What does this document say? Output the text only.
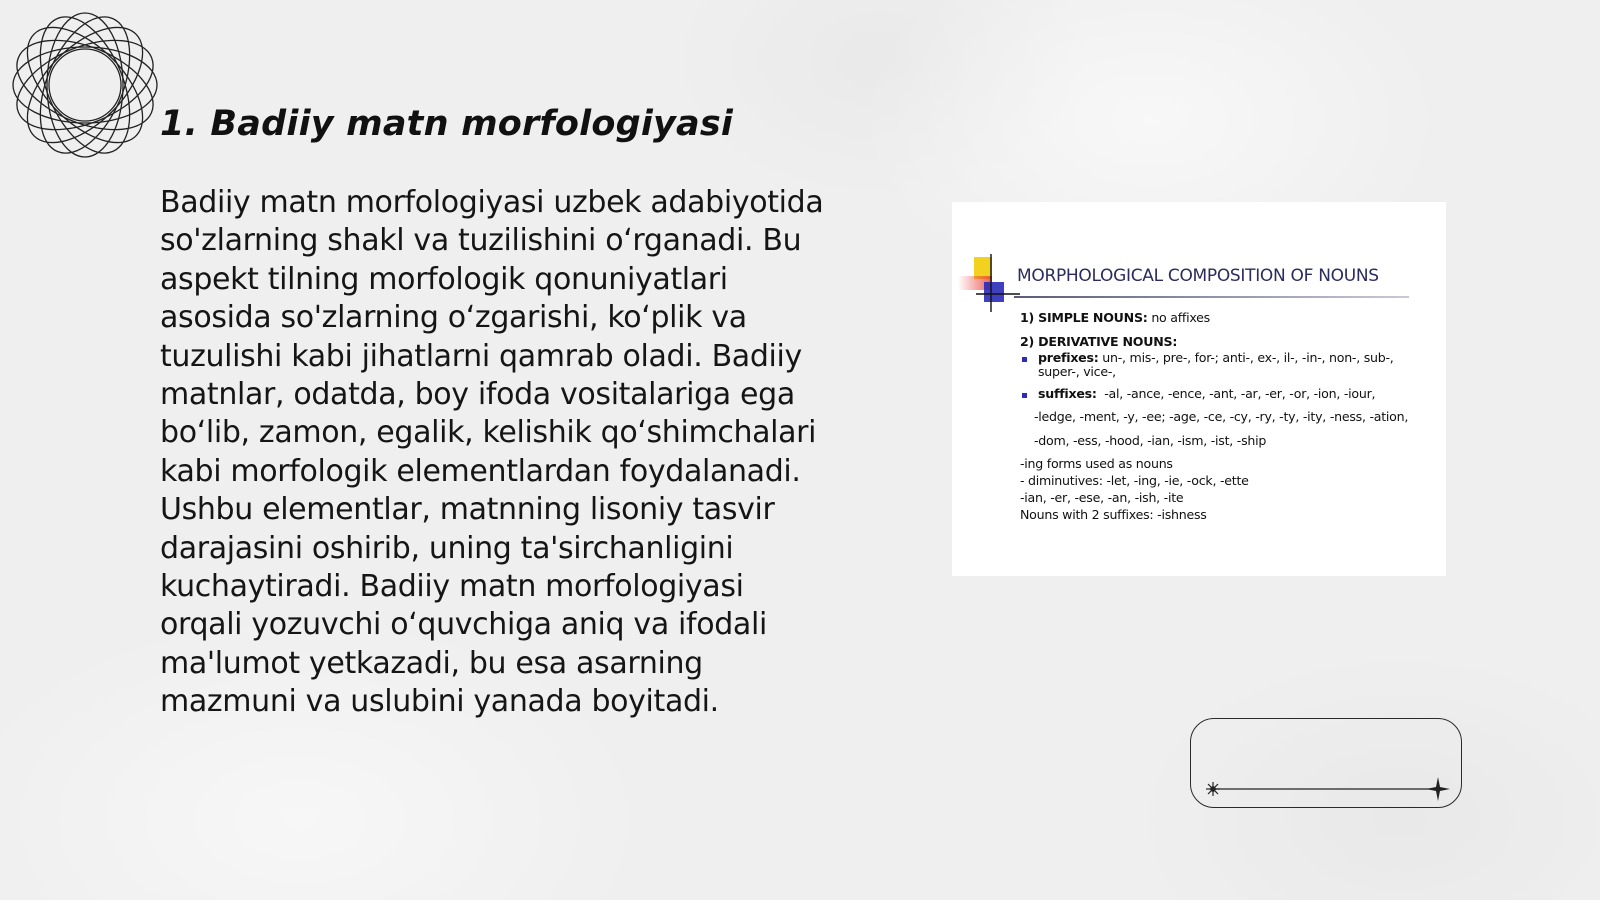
1. Badiiy matn morfologiyasi
Badiiy matn morfologiyasi uzbek adabiyotida
so'zlarning shakl va tuzilishini oʻrganadi. Bu
aspekt tilning morfologik qonuniyatlari
asosida so'zlarning oʻzgarishi, koʻplik va
tuzulishi kabi jihatlarni qamrab oladi. Badiiy
matnlar, odatda, boy ifoda vositalariga ega
boʻlib, zamon, egalik, kelishik qoʻshimchalari
kabi morfologik elementlardan foydalanadi.
Ushbu elementlar, matnning lisoniy tasvir
darajasini oshirib, uning ta'sirchanligini
kuchaytiradi. Badiiy matn morfologiyasi
orqali yozuvchi oʻquvchiga aniq va ifodali
ma'lumot yetkazadi, bu esa asarning
mazmuni va uslubini yanada boyitadi.
MORPHOLOGICAL COMPOSITION OF NOUNS
1) SIMPLE NOUNS: no affixes
2) DERIVATIVE NOUNS:
prefixes: un-, mis-, pre-, for-; anti-, ex-, il-, -in-, non-, sub-,
super-, vice-,
suffixes: -al, -ance, -ence, -ant, -ar, -er, -or, -ion, -iour,
-ledge, -ment, -y, -ee; -age, -ce, -cy, -ry, -ty, -ity, -ness, -ation,
-dom, -ess, -hood, -ian, -ism, -ist, -ship
-ing forms used as nouns
- diminutives: -let, -ing, -ie, -ock, -ette
-ian, -er, -ese, -an, -ish, -ite
Nouns with 2 suffixes: -ishness
